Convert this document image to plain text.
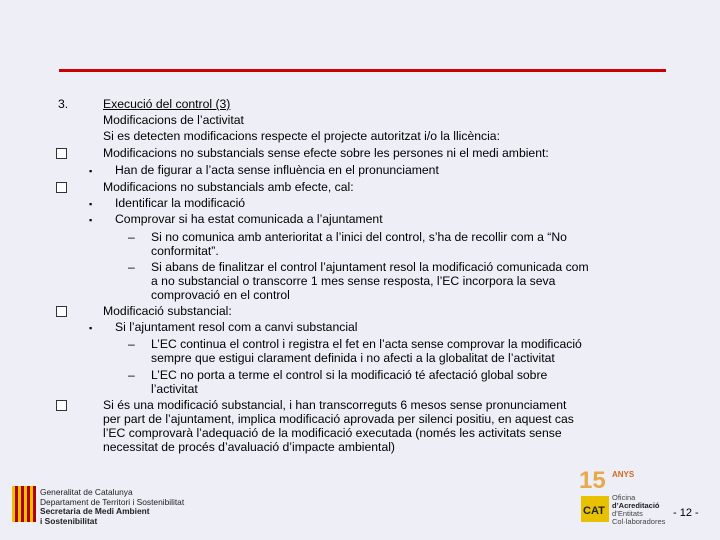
3.	Execució del control (3)
Modificacions de l’activitat
Si es detecten modificacions respecte el projecte autoritzat i/o la llicència:
Modificacions no substancials sense efecte sobre les persones ni el medi ambient:
▪ Han de figurar a l’acta sense influència en el pronunciament
Modificacions no substancials amb efecte, cal:
▪ Identificar la modificació
▪ Comprovar si ha estat comunicada a l’ajuntament
– Si no comunica amb anterioritat a l’inici del control, s’ha de recollir com a “No
conformitat”.
– Si abans de finalitzar el control l’ajuntament resol la modificació comunicada com
a no substancial o transcorre 1 mes sense resposta, l’EC incorpora la seva
comprovació en el control
Modificació substancial:
▪ Si l’ajuntament resol com a canvi substancial
– L’EC continua el control i registra el fet en l’acta sense comprovar la modificació
sempre que estigui clarament definida i no afecti a la globalitat de l’activitat
– L’EC no porta a terme el control si la modificació té afectació global sobre
l’activitat
Si és una modificació substancial, i han transcorreguts 6 mesos sense pronunciament
per part de l’ajuntament, implica modificació aprovada per silenci positiu, en aquest cas
l’EC comprovarà l’adequació de la modificació executada (només les activitats sense
necessitat de procés d’avaluació d’impacte ambiental)
Generalitat de Catalunya
Departament de Territori i Sostenibilitat
Secretaria de Medi Ambient
i Sostenibilitat
15
CAT
ANYS
Oficina
d’Acreditació
d’Entitats
Col·laboradores
- 12 -
